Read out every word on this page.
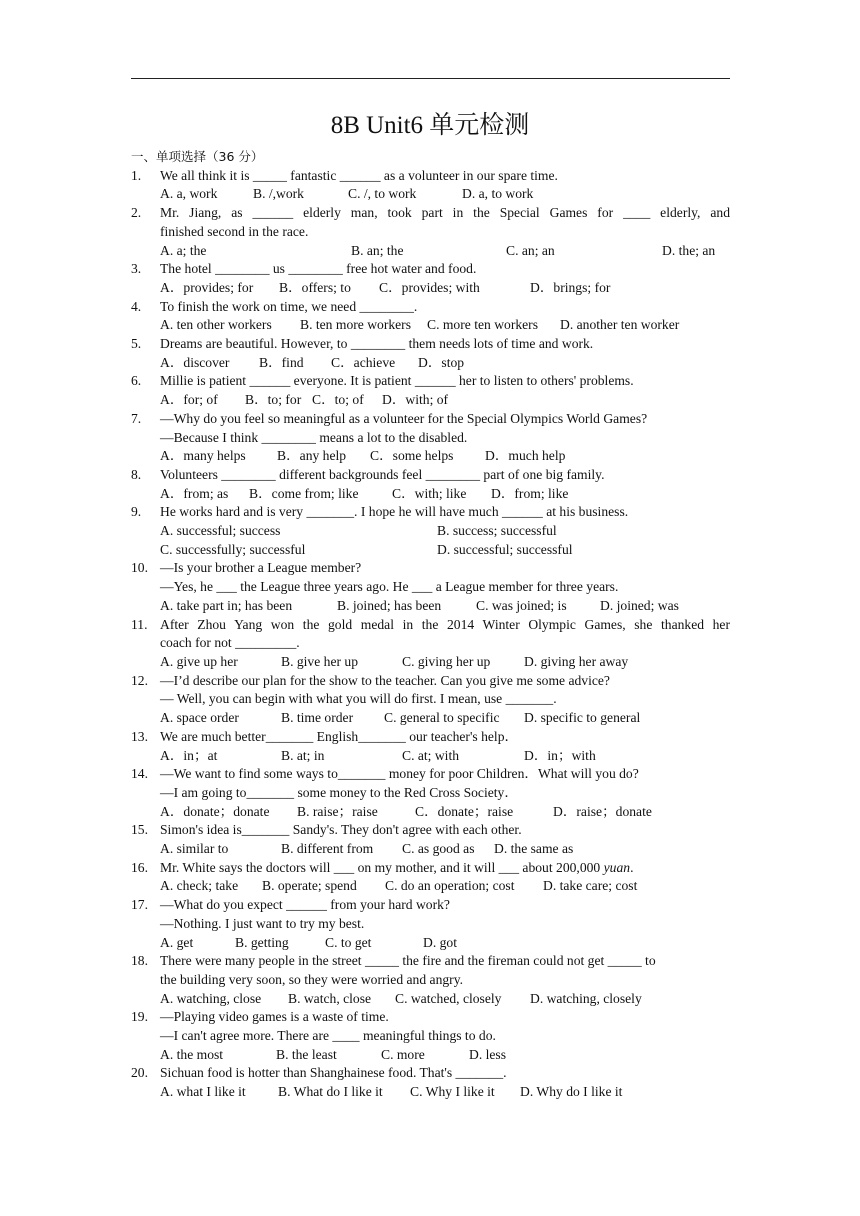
8B Unit6 单元检测
一、单项选择（36 分）
1.	We all think it is _____ fantastic ______ as a volunteer in our spare time.
A. a, work	B. /,work	C. /, to work	D. a, to work
2.	Mr. Jiang, as ______ elderly man, took part in the Special Games for ____ elderly, and
finished second in the race.
A. a; the	B. an; the	C. an; an	D. the; an
3.	The hotel ________ us ________ free hot water and food.
A．provides; for	B．offers; to	C．provides; with	D．brings; for
4.	To finish the work on time, we need ________.
A. ten other workers	B. ten more workers	C. more ten workers	D. another ten worker
5.	Dreams are beautiful. However, to ________ them needs lots of time and work.
A．discover	B．find	C．achieve	D．stop
6.	Millie is patient ______ everyone. It is patient ______ her to listen to others' problems.
A．for; of	B．to; for C．to; of	D．with; of
7.	—Why do you feel so meaningful as a volunteer for the Special Olympics World Games?
—Because I think ________ means a lot to the disabled.
A．many helps	B．any help	C．some helps	D．much help
8.	Volunteers ________ different backgrounds feel ________ part of one big family.
A．from; as	B．come from; like	C．with; like	D．from; like
9.	He works hard and is very _______. I hope he will have much ______ at his business.
A. successful; success	B. success; successful
C. successfully; successful	D. successful; successful
10. —Is your brother a League member?
—Yes, he ___ the League three years ago. He ___ a League member for three years.
A. take part in; has been	B. joined; has been	C. was joined; is	D. joined; was
11. After Zhou Yang won the gold medal in the 2014 Winter Olympic Games, she thanked her
coach for not _________.
A. give up her	B. give her up	C. giving her up	D. giving her away
12. —I’d describe our plan for the show to the teacher. Can you give me some advice?
— Well, you can begin with what you will do first. I mean, use _______.
A. space order	B. time order	C. general to specific	D. specific to general
13. We are much better_______ English_______ our teacher's help．
A．in；at	B. at; in	C. at; with	D．in；with
14. —We want to find some ways to_______ money for poor Children．What will you do?
—I am going to_______ some money to the Red Cross Society．
A．donate；donate	B. raise；raise	C．donate；raise	D．raise；donate
15. Simon's idea is_______ Sandy's. They don't agree with each other.
A. similar to	B. different from	C. as good as	D. the same as
16. Mr. White says the doctors will ___ on my mother, and it will ___ about 200,000 yuan.
A. check; take	B. operate; spend	C. do an operation; cost	D. take care; cost
17. —What do you expect ______ from your hard work?
—Nothing. I just want to try my best.
A. get	B. getting	C. to get	D. got
18. There were many people in the street _____ the fire and the fireman could not get _____ to
the building very soon, so they were worried and angry.
A. watching, close	B. watch, close	C. watched, closely	D. watching, closely
19. —Playing video games is a waste of time.
—I can't agree more. There are ____ meaningful things to do.
A. the most	B. the least	C. more	D. less
20. Sichuan food is hotter than Shanghainese food. That's _______.
A. what I like it	B. What do I like it	C. Why I like it	D. Why do I like it
